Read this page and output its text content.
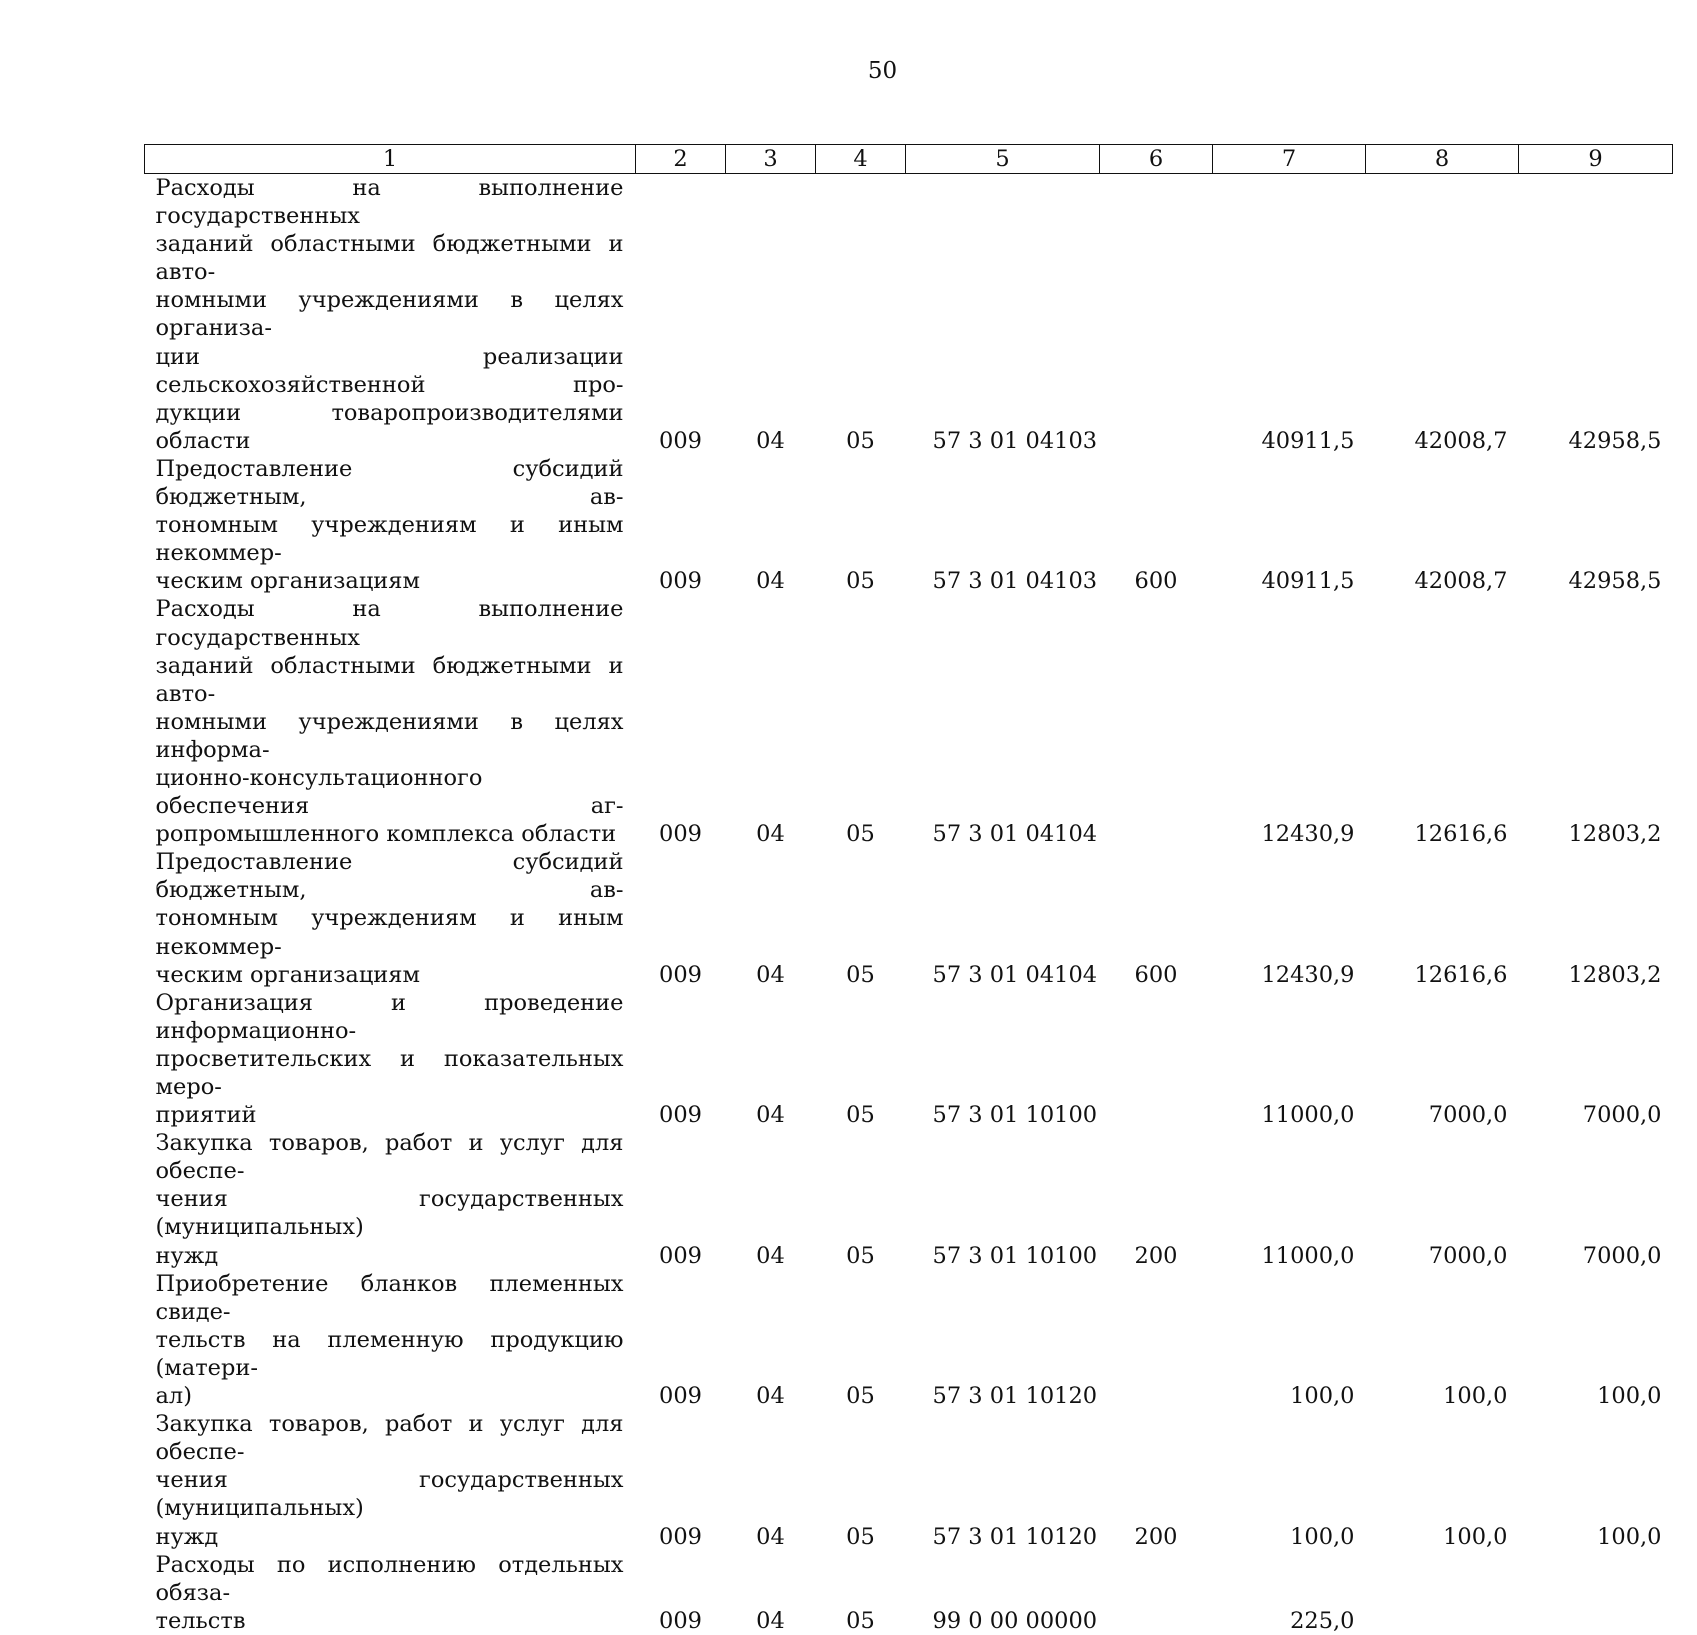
50
1	2	3	4	5	6	7	8	9

Расходы на выполнение государственных
заданий областными бюджетными и авто-
номными учреждениями в целях организа-
ции реализации сельскохозяйственной про-
дукции товаропроизводителями области	009	04	05	57 3 01 04103		40911,5	42008,7	42958,5

Предоставление субсидий бюджетным, ав-
тономным учреждениям и иным некоммер-
ческим организациям	009	04	05	57 3 01 04103	600	40911,5	42008,7	42958,5

Расходы на выполнение государственных
заданий областными бюджетными и авто-
номными учреждениями в целях информа-
ционно-консультационного обеспечения аг-
ропромышленного комплекса области	009	04	05	57 3 01 04104		12430,9	12616,6	12803,2

Предоставление субсидий бюджетным, ав-
тономным учреждениям и иным некоммер-
ческим организациям	009	04	05	57 3 01 04104	600	12430,9	12616,6	12803,2

Организация и проведение информационно-
просветительских и показательных меро-
приятий	009	04	05	57 3 01 10100		11000,0	7000,0	7000,0

Закупка товаров, работ и услуг для обеспе-
чения государственных (муниципальных)
нужд	009	04	05	57 3 01 10100	200	11000,0	7000,0	7000,0

Приобретение бланков племенных свиде-
тельств на племенную продукцию (матери-
ал)	009	04	05	57 3 01 10120		100,0	100,0	100,0

Закупка товаров, работ и услуг для обеспе-
чения государственных (муниципальных)
нужд	009	04	05	57 3 01 10120	200	100,0	100,0	100,0

Расходы по исполнению отдельных обяза-
тельств	009	04	05	99 0 00 00000		225,0		
